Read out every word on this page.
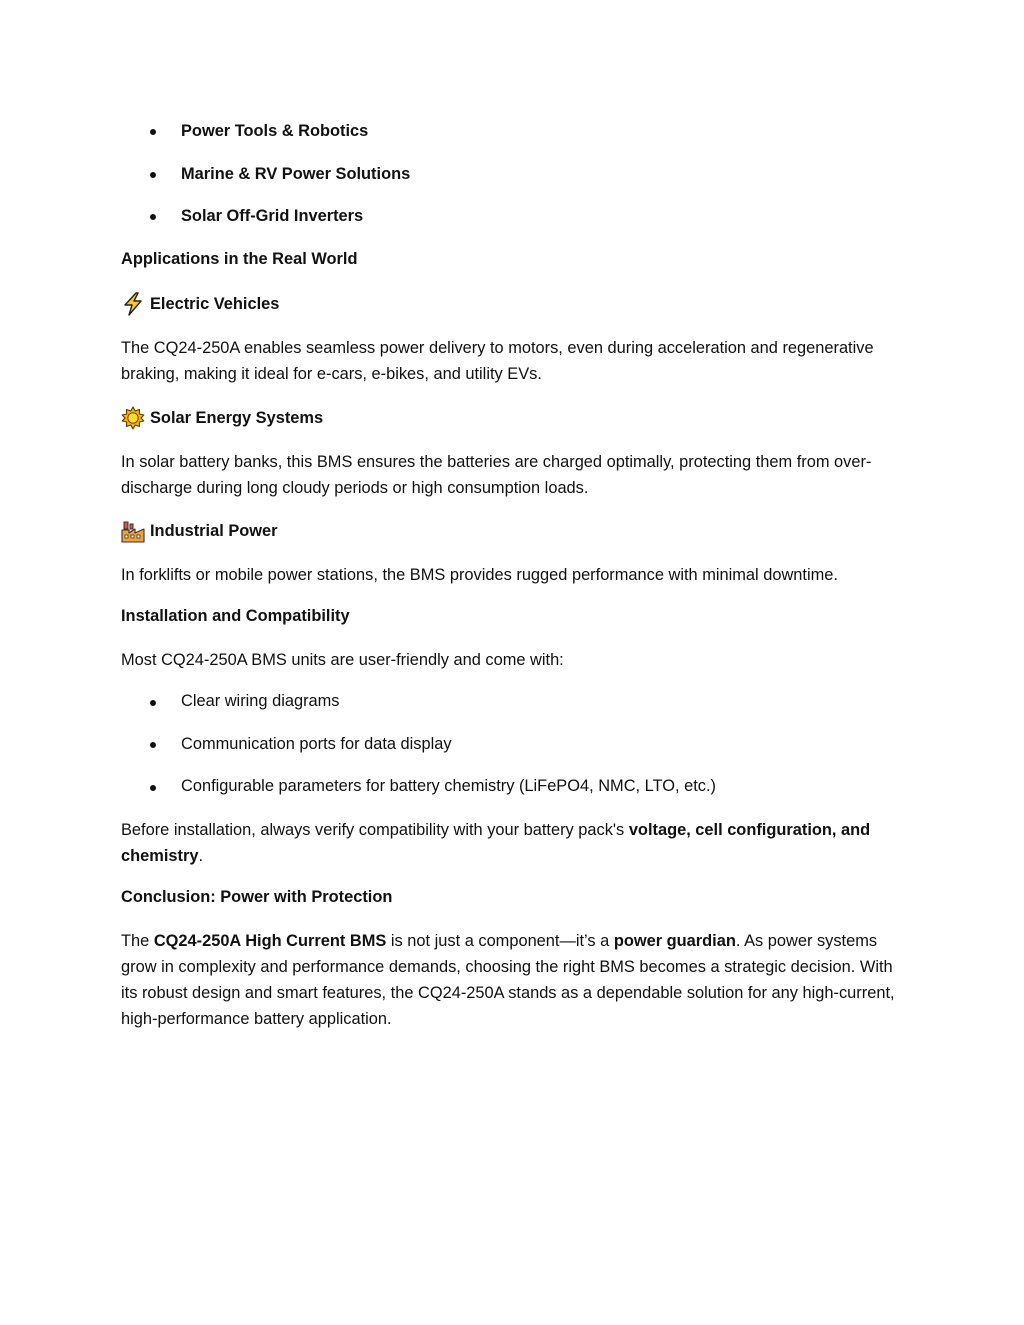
Power Tools & Robotics
Marine & RV Power Solutions
Solar Off-Grid Inverters
Applications in the Real World
Electric Vehicles
The CQ24-250A enables seamless power delivery to motors, even during acceleration and regenerative braking, making it ideal for e-cars, e-bikes, and utility EVs.
Solar Energy Systems
In solar battery banks, this BMS ensures the batteries are charged optimally, protecting them from over-discharge during long cloudy periods or high consumption loads.
Industrial Power
In forklifts or mobile power stations, the BMS provides rugged performance with minimal downtime.
Installation and Compatibility
Most CQ24-250A BMS units are user-friendly and come with:
Clear wiring diagrams
Communication ports for data display
Configurable parameters for battery chemistry (LiFePO4, NMC, LTO, etc.)
Before installation, always verify compatibility with your battery pack's voltage, cell configuration, and chemistry.
Conclusion: Power with Protection
The CQ24-250A High Current BMS is not just a component—it’s a power guardian. As power systems grow in complexity and performance demands, choosing the right BMS becomes a strategic decision. With its robust design and smart features, the CQ24-250A stands as a dependable solution for any high-current, high-performance battery application.
